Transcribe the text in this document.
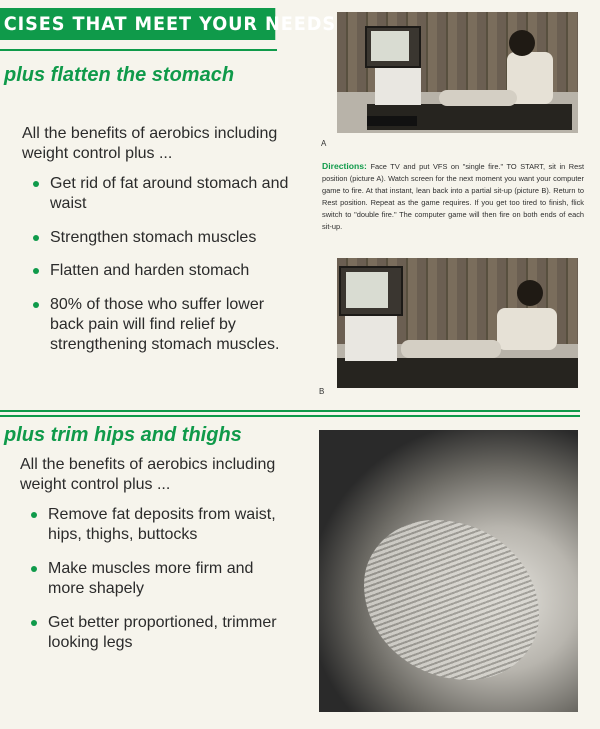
CISES THAT MEET YOUR NEEDS
plus flatten the stomach

All the benefits of aerobics including weight control plus ...

Get rid of fat around stomach and waist
Strengthen stomach muscles
Flatten and harden stomach
80% of those who suffer lower back pain will find relief by strengthening stomach muscles.
A

Directions: Face TV and put VFS on "single fire." TO START, sit in Rest position (picture A). Watch screen for the next moment you want your computer game to fire. At that instant, lean back into a partial sit-up (picture B). Return to Rest position. Repeat as the game requires. If you get too tired to finish, flick switch to "double fire." The computer game will then fire on both ends of each sit-up.

B
plus trim hips and thighs

All the benefits of aerobics including weight control plus ...

Remove fat deposits from waist, hips, thighs, buttocks
Make muscles more firm and more shapely
Get better proportioned, trimmer looking legs
